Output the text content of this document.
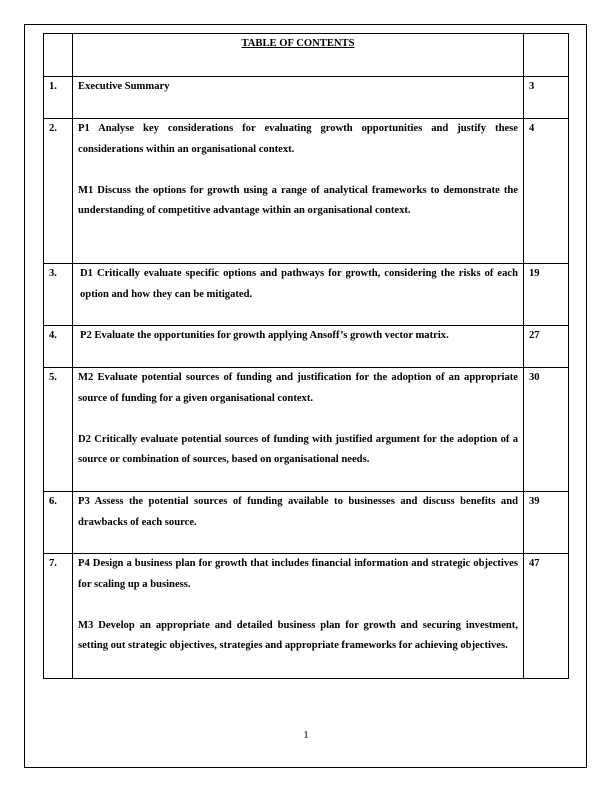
	TABLE OF CONTENTS	

1.	Executive Summary	3
2.	P1 Analyse key considerations for evaluating growth opportunities and justify these considerations within an organisational context.

M1 Discuss the options for growth using a range of analytical frameworks to demonstrate the understanding of competitive advantage within an organisational context.	4
3.	D1 Critically evaluate specific options and pathways for growth, considering the risks of each option and how they can be mitigated.	19
4.	P2 Evaluate the opportunities for growth applying Ansoff’s growth vector matrix.	27
5.	M2 Evaluate potential sources of funding and justification for the adoption of an appropriate source of funding for a given organisational context.

D2 Critically evaluate potential sources of funding with justified argument for the adoption of a source or combination of sources, based on organisational needs.	30
6.	P3 Assess the potential sources of funding available to businesses and discuss benefits and drawbacks of each source.	39
7.	P4 Design a business plan for growth that includes financial information and strategic objectives for scaling up a business.

M3 Develop an appropriate and detailed business plan for growth and securing investment, setting out strategic objectives, strategies and appropriate frameworks for achieving objectives.	47
1
